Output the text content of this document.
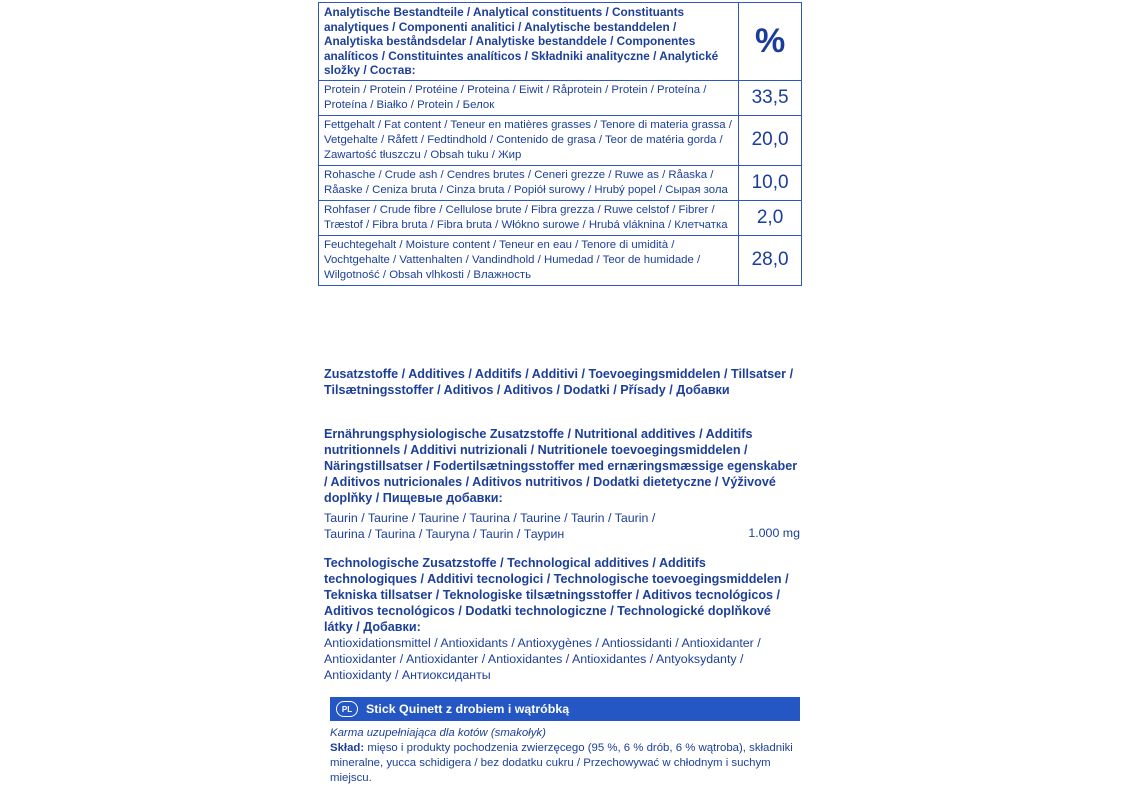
Analytische Bestandteile / Analytical constituents / Constituants analytiques / Componenti analitici / Analytische bestanddelen / Analytiska beståndsdelar / Analytiske bestanddele / Componentes analíticos / Constituintes analíticos / Składniki analityczne / Analytické složky / Состав:	%
Protein / Protein / Protéine / Proteina / Eiwit / Råprotein / Protein / Proteína / Proteína / Białko / Protein / Белок	33,5
Fettgehalt / Fat content / Teneur en matières grasses / Tenore di materia grassa / Vetgehalte / Råfett / Fedtindhold / Contenido de grasa / Teor de matéria gorda / Zawartość tłuszczu / Obsah tuku / Жир	20,0
Rohasche / Crude ash / Cendres brutes / Ceneri grezze / Ruwe as / Råaska / Råaske / Ceniza bruta / Cinza bruta / Popiół surowy / Hrubý popel / Сырая зола	10,0
Rohfaser / Crude fibre / Cellulose brute / Fibra grezza / Ruwe celstof / Fibrer / Træstof / Fibra bruta / Fibra bruta / Włókno surowe / Hrubá vláknina / Клетчатка	2,0
Feuchtegehalt / Moisture content / Teneur en eau / Tenore di umidità / Vochtgehalte / Vattenhalten / Vandindhold / Humedad / Teor de humidade / Wilgotność / Obsah vlhkosti / Влажность	28,0

Zusatzstoffe / Additives / Additifs / Additivi / Toevoegingsmiddelen / Tillsatser / Tilsætningsstoffer / Aditivos / Aditivos / Dodatki / Přísady / Добавки

Ernährungsphysiologische Zusatzstoffe / Nutritional additives / Additifs nutritionnels / Additivi nutrizionali / Nutritionele toevoegingsmiddelen / Näringstillsatser / Fodertilsætningsstoffer med ernæringsmæssige egenskaber / Aditivos nutricionales / Aditivos nutritivos / Dodatki dietetyczne / Výživové doplňky / Пищевые добавки:

Taurin / Taurine / Taurine / Taurina / Taurine / Taurin / Taurin /

Taurina / Taurina / Tauryna / Taurin / Таурин	1.000 mg

Technologische Zusatzstoffe / Technological additives / Additifs technologiques / Additivi tecnologici / Technologische toevoegingsmiddelen / Tekniska tillsatser / Teknologiske tilsætningsstoffer / Aditivos tecnológicos / Aditivos tecnológicos / Dodatki technologiczne / Technologické doplňkové látky / Добавки:

Antioxidationsmittel / Antioxidants / Antioxygènes / Antiossidanti / Antioxidanter / Antioxidanter / Antioxidanter / Antioxidantes / Antioxidantes / Antyoksydanty / Antioxidanty / Антиоксиданты

PL	Stick Quinett z drobiem i wątróbką
Karma uzupełniająca dla kotów (smakołyk)
Skład: mięso i produkty pochodzenia zwierzęcego (95 %, 6 % drób, 6 % wątroba), składniki mineralne, yucca schidigera / bez dodatku cukru / Przechowywać w chłodnym i suchym miejscu.
